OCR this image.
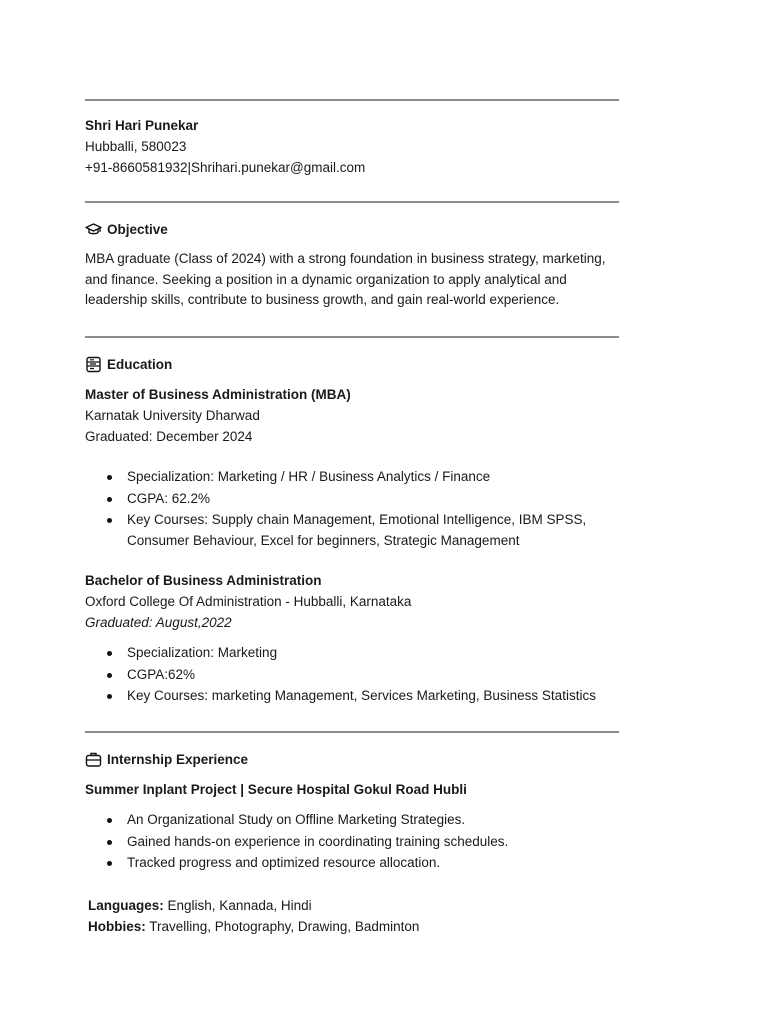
Shri Hari Punekar
Hubballi, 580023
+91-8660581932|Shrihari.punekar@gmail.com
Objective
MBA graduate (Class of 2024) with a strong foundation in business strategy, marketing, and finance. Seeking a position in a dynamic organization to apply analytical and leadership skills, contribute to business growth, and gain real-world experience.
Education
Master of Business Administration (MBA)
Karnatak University Dharwad
Graduated: December 2024
Specialization: Marketing / HR / Business Analytics / Finance
CGPA: 62.2%
Key Courses: Supply chain Management, Emotional Intelligence, IBM SPSS, Consumer Behaviour, Excel for beginners, Strategic Management
Bachelor of Business Administration
Oxford College Of Administration - Hubballi, Karnataka
Graduated: August,2022
Specialization: Marketing
CGPA:62%
Key Courses: marketing Management, Services Marketing, Business Statistics
Internship Experience
Summer Inplant Project | Secure Hospital Gokul Road Hubli
An Organizational Study on Offline Marketing Strategies.
Gained hands-on experience in coordinating training schedules.
Tracked progress and optimized resource allocation.
Languages: English, Kannada, Hindi
Hobbies: Travelling, Photography, Drawing, Badminton
